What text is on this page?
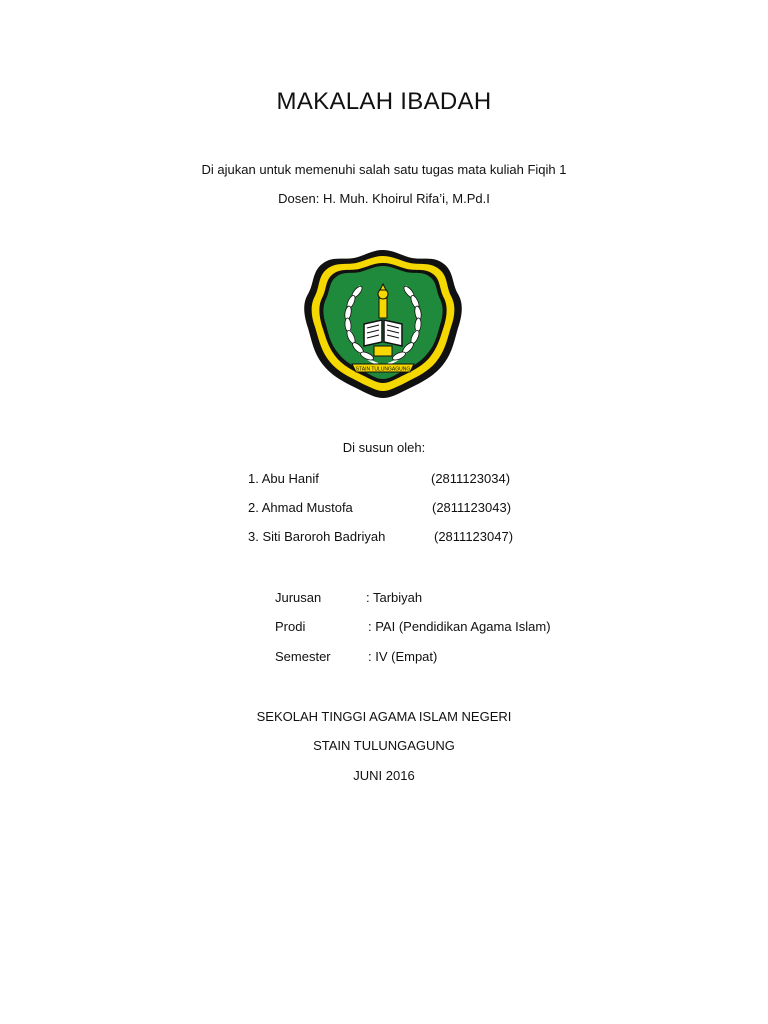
MAKALAH IBADAH
Di ajukan untuk memenuhi salah satu tugas mata kuliah Fiqih 1
Dosen: H. Muh. Khoirul Rifa’i, M.Pd.I
STAIN TULUNGAGUNG
Di susun oleh:
1. Abu Hanif	(2811123034)
2. Ahmad Mustofa	(2811123043)
3. Siti Baroroh Badriyah	(2811123047)
Jurusan	: Tarbiyah
Prodi	: PAI (Pendidikan Agama Islam)
Semester	: IV (Empat)
SEKOLAH TINGGI AGAMA ISLAM NEGERI
STAIN TULUNGAGUNG
JUNI 2016
